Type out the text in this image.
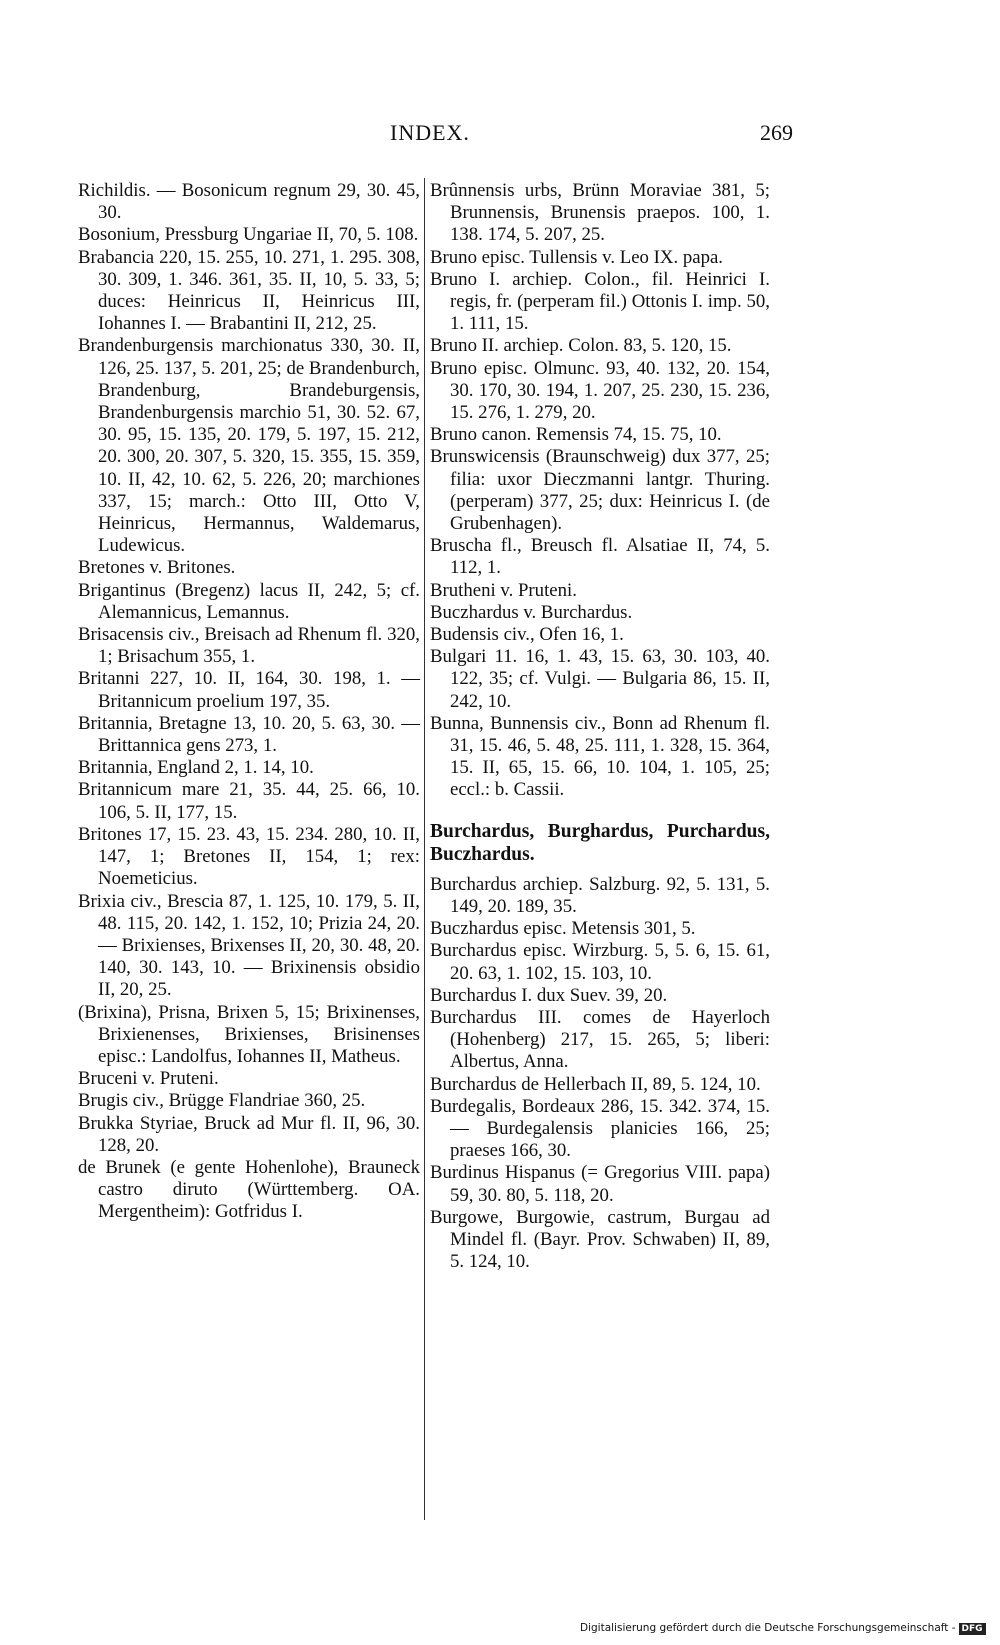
INDEX.	269

Richildis. — Bosonicum regnum 29, 30. 45, 30.

Bosonium, Pressburg Ungariae II, 70, 5. 108.

Brabancia 220, 15. 255, 10. 271, 1. 295. 308, 30. 309, 1. 346. 361, 35. II, 10, 5. 33, 5; duces: Heinricus II, Heinricus III, Iohannes I. — Brabantini II, 212, 25.

Brandenburgensis marchionatus 330, 30. II, 126, 25. 137, 5. 201, 25; de Brandenburch, Brandenburg, Brandeburgensis, Brandenburgensis marchio 51, 30. 52. 67, 30. 95, 15. 135, 20. 179, 5. 197, 15. 212, 20. 300, 20. 307, 5. 320, 15. 355, 15. 359, 10. II, 42, 10. 62, 5. 226, 20; marchiones 337, 15; march.: Otto III, Otto V, Heinricus, Hermannus, Waldemarus, Ludewicus.

Bretones v. Britones.

Brigantinus (Bregenz) lacus II, 242, 5; cf. Alemannicus, Lemannus.

Brisacensis civ., Breisach ad Rhenum fl. 320, 1; Brisachum 355, 1.

Britanni 227, 10. II, 164, 30. 198, 1. — Britannicum proelium 197, 35.

Britannia, Bretagne 13, 10. 20, 5. 63, 30. — Brittannica gens 273, 1.

Britannia, England 2, 1. 14, 10.

Britannicum mare 21, 35. 44, 25. 66, 10. 106, 5. II, 177, 15.

Britones 17, 15. 23. 43, 15. 234. 280, 10. II, 147, 1; Bretones II, 154, 1; rex: Noemeticius.

Brixia civ., Brescia 87, 1. 125, 10. 179, 5. II, 48. 115, 20. 142, 1. 152, 10; Prizia 24, 20. — Brixienses, Brixenses II, 20, 30. 48, 20. 140, 30. 143, 10. — Brixinensis obsidio II, 20, 25.

(Brixina), Prisna, Brixen 5, 15; Brixinenses, Brixienenses, Brixienses, Brisinenses episc.: Landolfus, Iohannes II, Matheus.

Bruceni v. Pruteni.

Brugis civ., Brügge Flandriae 360, 25.

Brukka Styriae, Bruck ad Mur fl. II, 96, 30. 128, 20.

de Brunek (e gente Hohenlohe), Brauneck castro diruto (Württemberg. OA. Mergentheim): Gotfridus I.

Brûnnensis urbs, Brünn Moraviae 381, 5; Brunnensis, Brunensis praepos. 100, 1. 138. 174, 5. 207, 25.

Bruno episc. Tullensis v. Leo IX. papa.

Bruno I. archiep. Colon., fil. Heinrici I. regis, fr. (perperam fil.) Ottonis I. imp. 50, 1. 111, 15.

Bruno II. archiep. Colon. 83, 5. 120, 15.

Bruno episc. Olmunc. 93, 40. 132, 20. 154, 30. 170, 30. 194, 1. 207, 25. 230, 15. 236, 15. 276, 1. 279, 20.

Bruno canon. Remensis 74, 15. 75, 10.

Brunswicensis (Braunschweig) dux 377, 25; filia: uxor Dieczmanni lantgr. Thuring. (perperam) 377, 25; dux: Heinricus I. (de Grubenhagen).

Bruscha fl., Breusch fl. Alsatiae II, 74, 5. 112, 1.

Brutheni v. Pruteni.

Buczhardus v. Burchardus.

Budensis civ., Ofen 16, 1.

Bulgari 11. 16, 1. 43, 15. 63, 30. 103, 40. 122, 35; cf. Vulgi. — Bulgaria 86, 15. II, 242, 10.

Bunna, Bunnensis civ., Bonn ad Rhenum fl. 31, 15. 46, 5. 48, 25. 111, 1. 328, 15. 364, 15. II, 65, 15. 66, 10. 104, 1. 105, 25; eccl.: b. Cassii.

Burchardus, Burghardus, Purchardus, Buczhardus.

Burchardus archiep. Salzburg. 92, 5. 131, 5. 149, 20. 189, 35.

Buczhardus episc. Metensis 301, 5.

Burchardus episc. Wirzburg. 5, 5. 6, 15. 61, 20. 63, 1. 102, 15. 103, 10.

Burchardus I. dux Suev. 39, 20.

Burchardus III. comes de Hayerloch (Hohenberg) 217, 15. 265, 5; liberi: Albertus, Anna.

Burchardus de Hellerbach II, 89, 5. 124, 10.

Burdegalis, Bordeaux 286, 15. 342. 374, 15. — Burdegalensis planicies 166, 25; praeses 166, 30.

Burdinus Hispanus (= Gregorius VIII. papa) 59, 30. 80, 5. 118, 20.

Burgowe, Burgowie, castrum, Burgau ad Mindel fl. (Bayr. Prov. Schwaben) II, 89, 5. 124, 10.

Digitalisierung gefördert durch die Deutsche Forschungsgemeinschaft - DFG
